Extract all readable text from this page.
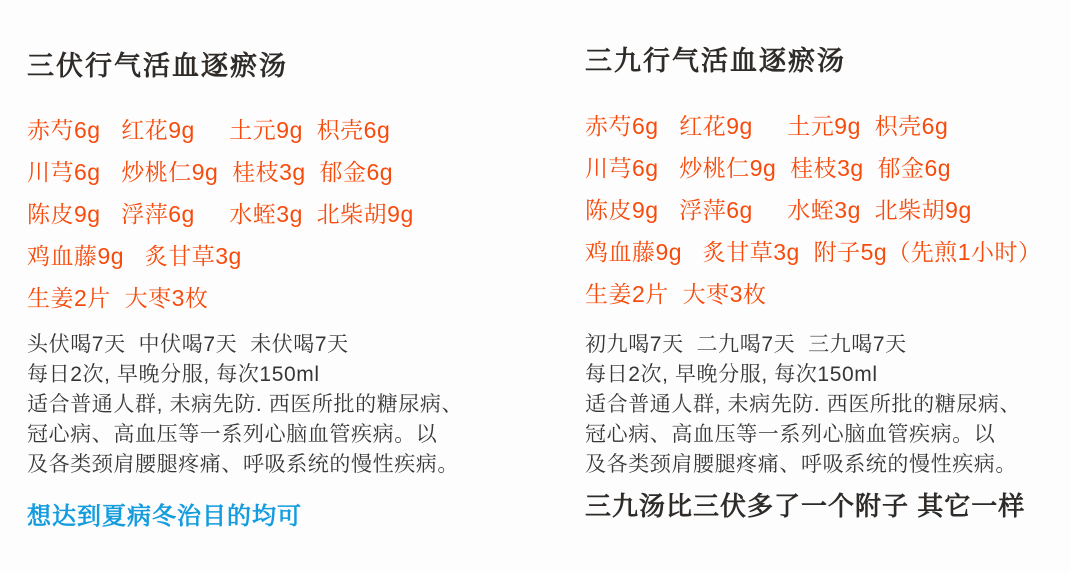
三伏行气活血逐瘀汤
赤芍6g   红花9g     土元9g  枳壳6g
川芎6g   炒桃仁9g  桂枝3g  郁金6g
陈皮9g   浮萍6g     水蛭3g  北柴胡9g
鸡血藤9g   炙甘草3g
生姜2片  大枣3枚
头伏喝7天  中伏喝7天  未伏喝7天
每日2次, 早晚分服, 每次150ml
适合普通人群, 未病先防. 西医所批的糖尿病、
冠心病、高血压等一系列心脑血管疾病。以
及各类颈肩腰腿疼痛、呼吸系统的慢性疾病。
想达到夏病冬治目的均可
三九行气活血逐瘀汤
赤芍6g   红花9g     土元9g  枳壳6g
川芎6g   炒桃仁9g  桂枝3g  郁金6g
陈皮9g   浮萍6g     水蛭3g  北柴胡9g
鸡血藤9g   炙甘草3g  附子5g（先煎1小时）
生姜2片  大枣3枚
初九喝7天  二九喝7天  三九喝7天
每日2次, 早晚分服, 每次150ml
适合普通人群, 未病先防. 西医所批的糖尿病、
冠心病、高血压等一系列心脑血管疾病。以
及各类颈肩腰腿疼痛、呼吸系统的慢性疾病。
三九汤比三伏多了一个附子 其它一样
